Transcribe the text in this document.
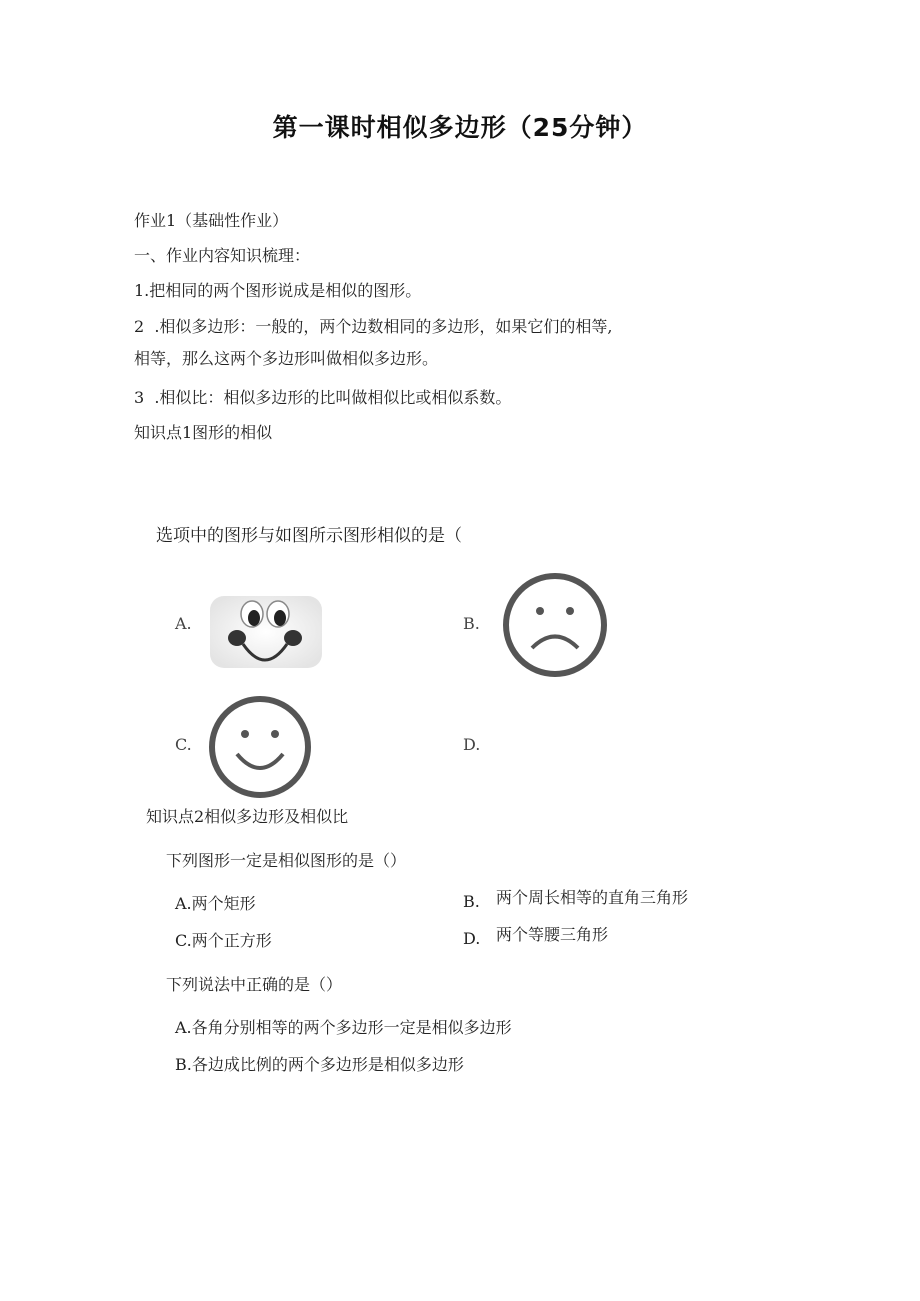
第一课时相似多边形（25分钟）
作业1（基础性作业）
一、作业内容知识梳理：
1.把相同的两个图形说成是相似的图形。
2	.相似多边形：一般的，两个边数相同的多边形，如果它们的相等,
相等，那么这两个多边形叫做相似多边形。
3	.相似比：相似多边形的比叫做相似比或相似系数。
知识点1图形的相似
选项中的图形与如图所示图形相似的是（
A.	B.
C.	D.
知识点2相似多边形及相似比
下列图形一定是相似图形的是（）
A.两个矩形	B. 两个周长相等的直角三角形
C.两个正方形	D. 两个等腰三角形
下列说法中正确的是（）
A.各角分别相等的两个多边形一定是相似多边形
B.各边成比例的两个多边形是相似多边形
